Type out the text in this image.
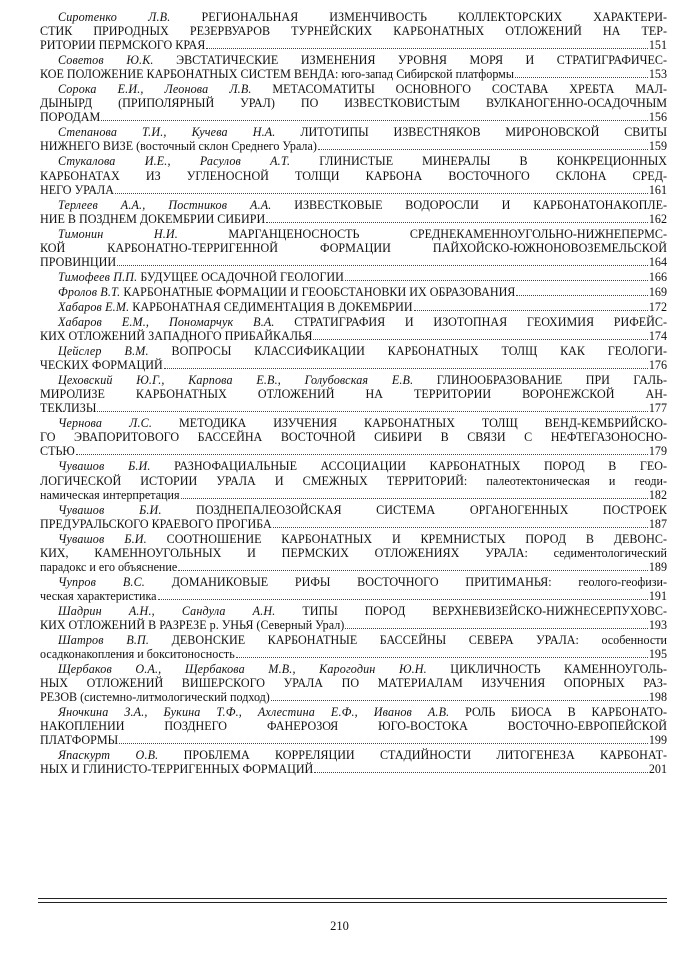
Сиротенко Л.В. РЕГИОНАЛЬНАЯ ИЗМЕНЧИВОСТЬ КОЛЛЕКТОРСКИХ ХАРАКТЕРИ-
СТИК ПРИРОДНЫХ РЕЗЕРВУАРОВ ТУРНЕЙСКИХ КАРБОНАТНЫХ ОТЛОЖЕНИЙ НА ТЕР-
РИТОРИИ ПЕРМСКОГО КРАЯ	151
Советов Ю.К. ЭВСТАТИЧЕСКИЕ ИЗМЕНЕНИЯ УРОВНЯ МОРЯ И СТРАТИГРАФИЧЕС-
КОЕ ПОЛОЖЕНИЕ КАРБОНАТНЫХ СИСТЕМ ВЕНДА: юго-запад Сибирской платформы	153
Сорока Е.И., Леонова Л.В. МЕТАСОМАТИТЫ ОСНОВНОГО СОСТАВА ХРЕБТА МАЛ-
ДЫНЫРД (ПРИПОЛЯРНЫЙ УРАЛ) ПО ИЗВЕСТКОВИСТЫМ ВУЛКАНОГЕННО-ОСАДОЧНЫМ
ПОРОДАМ	156
Степанова Т.И., Кучева Н.А. ЛИТОТИПЫ ИЗВЕСТНЯКОВ МИРОНОВСКОЙ СВИТЫ
НИЖНЕГО ВИЗЕ (восточный склон Среднего Урала)	159
Стукалова И.Е., Расулов А.Т. ГЛИНИСТЫЕ МИНЕРАЛЫ В КОНКРЕЦИОННЫХ
КАРБОНАТАХ ИЗ УГЛЕНОСНОЙ ТОЛЩИ КАРБОНА ВОСТОЧНОГО СКЛОНА СРЕД-
НЕГО УРАЛА	161
Терлеев А.А., Постников А.А. ИЗВЕСТКОВЫЕ ВОДОРОСЛИ И КАРБОНАТОНАКОПЛЕ-
НИЕ В ПОЗДНЕМ ДОКЕМБРИИ СИБИРИ	162
Тимонин Н.И. МАРГАНЦЕНОСНОСТЬ СРЕДНЕКАМЕННОУГОЛЬНО-НИЖНЕПЕРМС-
КОЙ КАРБОНАТНО-ТЕРРИГЕННОЙ ФОРМАЦИИ ПАЙХОЙСКО-ЮЖНОНОВОЗЕМЕЛЬСКОЙ
ПРОВИНЦИИ	164
Тимофеев П.П. БУДУЩЕЕ ОСАДОЧНОЙ ГЕОЛОГИИ	166
Фролов В.Т. КАРБОНАТНЫЕ ФОРМАЦИИ И ГЕООБСТАНОВКИ ИХ ОБРАЗОВАНИЯ	169
Хабаров Е.М. КАРБОНАТНАЯ СЕДИМЕНТАЦИЯ В ДОКЕМБРИИ	172
Хабаров Е.М., Пономарчук В.А. СТРАТИГРАФИЯ И ИЗОТОПНАЯ ГЕОХИМИЯ РИФЕЙС-
КИХ ОТЛОЖЕНИЙ ЗАПАДНОГО ПРИБАЙКАЛЬЯ	174
Цейслер В.М. ВОПРОСЫ КЛАССИФИКАЦИИ КАРБОНАТНЫХ ТОЛЩ КАК ГЕОЛОГИ-
ЧЕСКИХ ФОРМАЦИЙ	176
Цеховский Ю.Г., Карпова Е.В., Голубовская Е.В. ГЛИНООБРАЗОВАНИЕ ПРИ ГАЛЬ-
МИРОЛИЗЕ КАРБОНАТНЫХ ОТЛОЖЕНИЙ НА ТЕРРИТОРИИ ВОРОНЕЖСКОЙ АН-
ТЕКЛИЗЫ	177
Чернова Л.С. МЕТОДИКА ИЗУЧЕНИЯ КАРБОНАТНЫХ ТОЛЩ ВЕНД-КЕМБРИЙСКО-
ГО ЭВАПОРИТОВОГО БАССЕЙНА ВОСТОЧНОЙ СИБИРИ В СВЯЗИ С НЕФТЕГАЗОНОСНО-
СТЬЮ	179
Чувашов Б.И. РАЗНОФАЦИАЛЬНЫЕ АССОЦИАЦИИ КАРБОНАТНЫХ ПОРОД В ГЕО-
ЛОГИЧЕСКОЙ ИСТОРИИ УРАЛА И СМЕЖНЫХ ТЕРРИТОРИЙ: палеотектоническая и геоди-
намическая интерпретация	182
Чувашов Б.И. ПОЗДНЕПАЛЕОЗОЙСКАЯ СИСТЕМА ОРГАНОГЕННЫХ ПОСТРОЕК
ПРЕДУРАЛЬСКОГО КРАЕВОГО ПРОГИБА	187
Чувашов Б.И. СООТНОШЕНИЕ КАРБОНАТНЫХ И КРЕМНИСТЫХ ПОРОД В ДЕВОНС-
КИХ, КАМЕННОУГОЛЬНЫХ И ПЕРМСКИХ ОТЛОЖЕНИЯХ УРАЛА: седиментологический
парадокс и его объяснение	189
Чупров В.С. ДОМАНИКОВЫЕ РИФЫ ВОСТОЧНОГО ПРИТИМАНЬЯ: геолого-геофизи-
ческая характеристика	191
Шадрин А.Н., Сандула А.Н. ТИПЫ ПОРОД ВЕРХНЕВИЗЕЙСКО-НИЖНЕСЕРПУХОВС-
КИХ ОТЛОЖЕНИЙ В РАЗРЕЗЕ р. УНЬЯ (Северный Урал)	193
Шатров В.П. ДЕВОНСКИЕ КАРБОНАТНЫЕ БАССЕЙНЫ СЕВЕРА УРАЛА: особенности
осадконакопления и бокситоносность	195
Щербаков О.А., Щербакова М.В., Карогодин Ю.Н. ЦИКЛИЧНОСТЬ КАМЕННОУГОЛЬ-
НЫХ ОТЛОЖЕНИЙ ВИШЕРСКОГО УРАЛА ПО МАТЕРИАЛАМ ИЗУЧЕНИЯ ОПОРНЫХ РАЗ-
РЕЗОВ (системно-литмологический подход)	198
Яночкина З.А., Букина Т.Ф., Ахлестина Е.Ф., Иванов А.В. РОЛЬ БИОСА В КАРБОНАТО-
НАКОПЛЕНИИ ПОЗДНЕГО ФАНЕРОЗОЯ ЮГО-ВОСТОКА ВОСТОЧНО-ЕВРОПЕЙСКОЙ
ПЛАТФОРМЫ	199
Япаскурт О.В. ПРОБЛЕМА КОРРЕЛЯЦИИ СТАДИЙНОСТИ ЛИТОГЕНЕЗА КАРБОНАТ-
НЫХ И ГЛИНИСТО-ТЕРРИГЕННЫХ ФОРМАЦИЙ	201
210
